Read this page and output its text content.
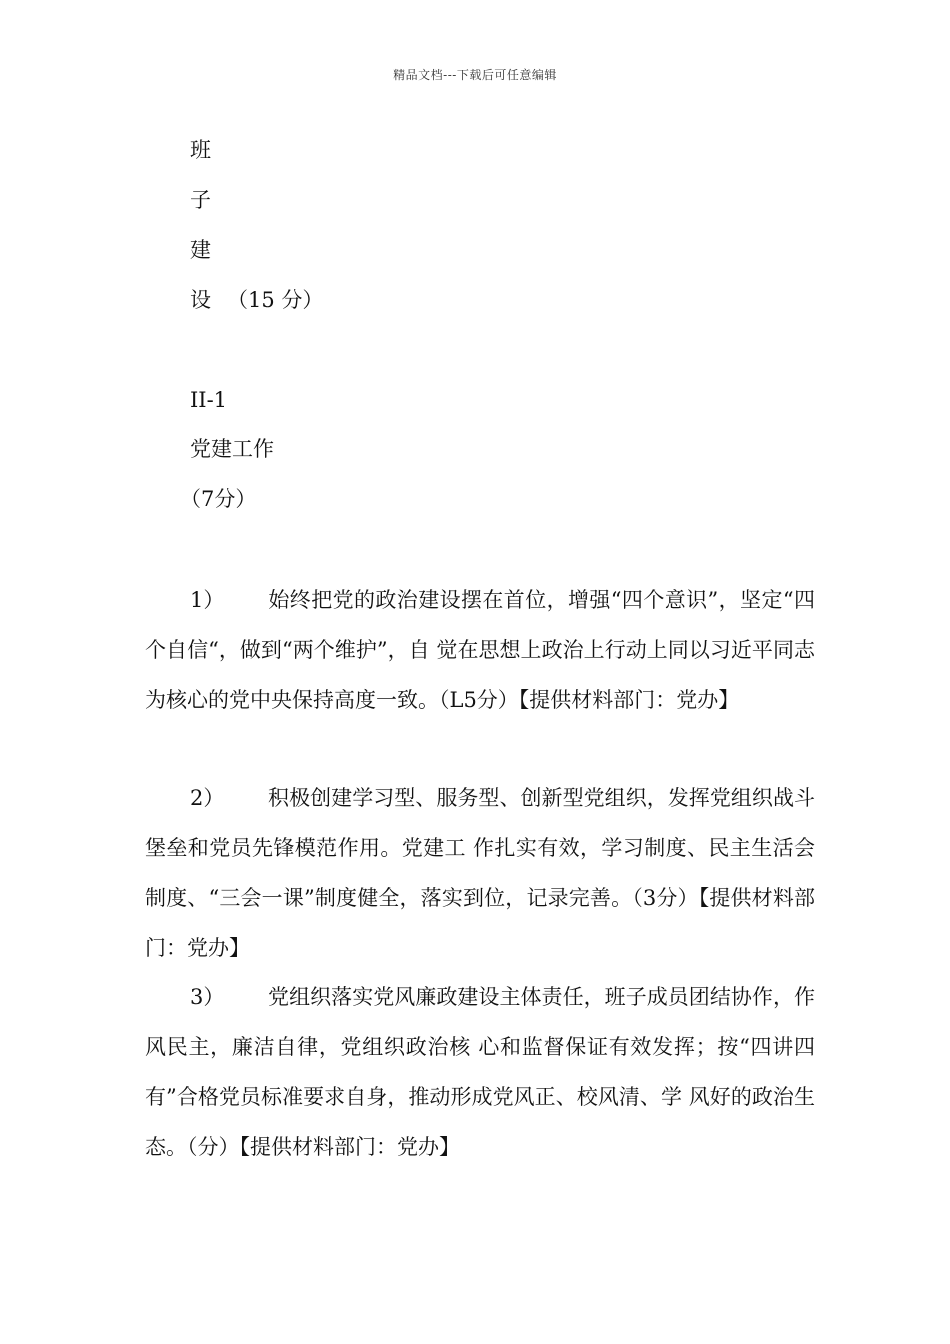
精品文档---下载后可任意编辑
班
子
建
设 （15 分）
II-1
党建工作
（7分）
1） 始终把党的政治建设摆在首位，增强“四个意识”，坚定“四个自信“，做到“两个维护”，自 觉在思想上政治上行动上同以习近平同志为核心的党中央保持高度一致。（L5分）【提供材料部门：党办】
2） 积极创建学习型、服务型、创新型党组织，发挥党组织战斗堡垒和党员先锋模范作用。党建工 作扎实有效，学习制度、民主生活会制度、“三会一课”制度健全，落实到位，记录完善。（3分）【提供材料部门：党办】
3） 党组织落实党风廉政建设主体责任，班子成员团结协作，作风民主，廉洁自律，党组织政治核 心和监督保证有效发挥；按“四讲四有”合格党员标准要求自身，推动形成党风正、校风清、学 风好的政治生态。（分）【提供材料部门：党办】
